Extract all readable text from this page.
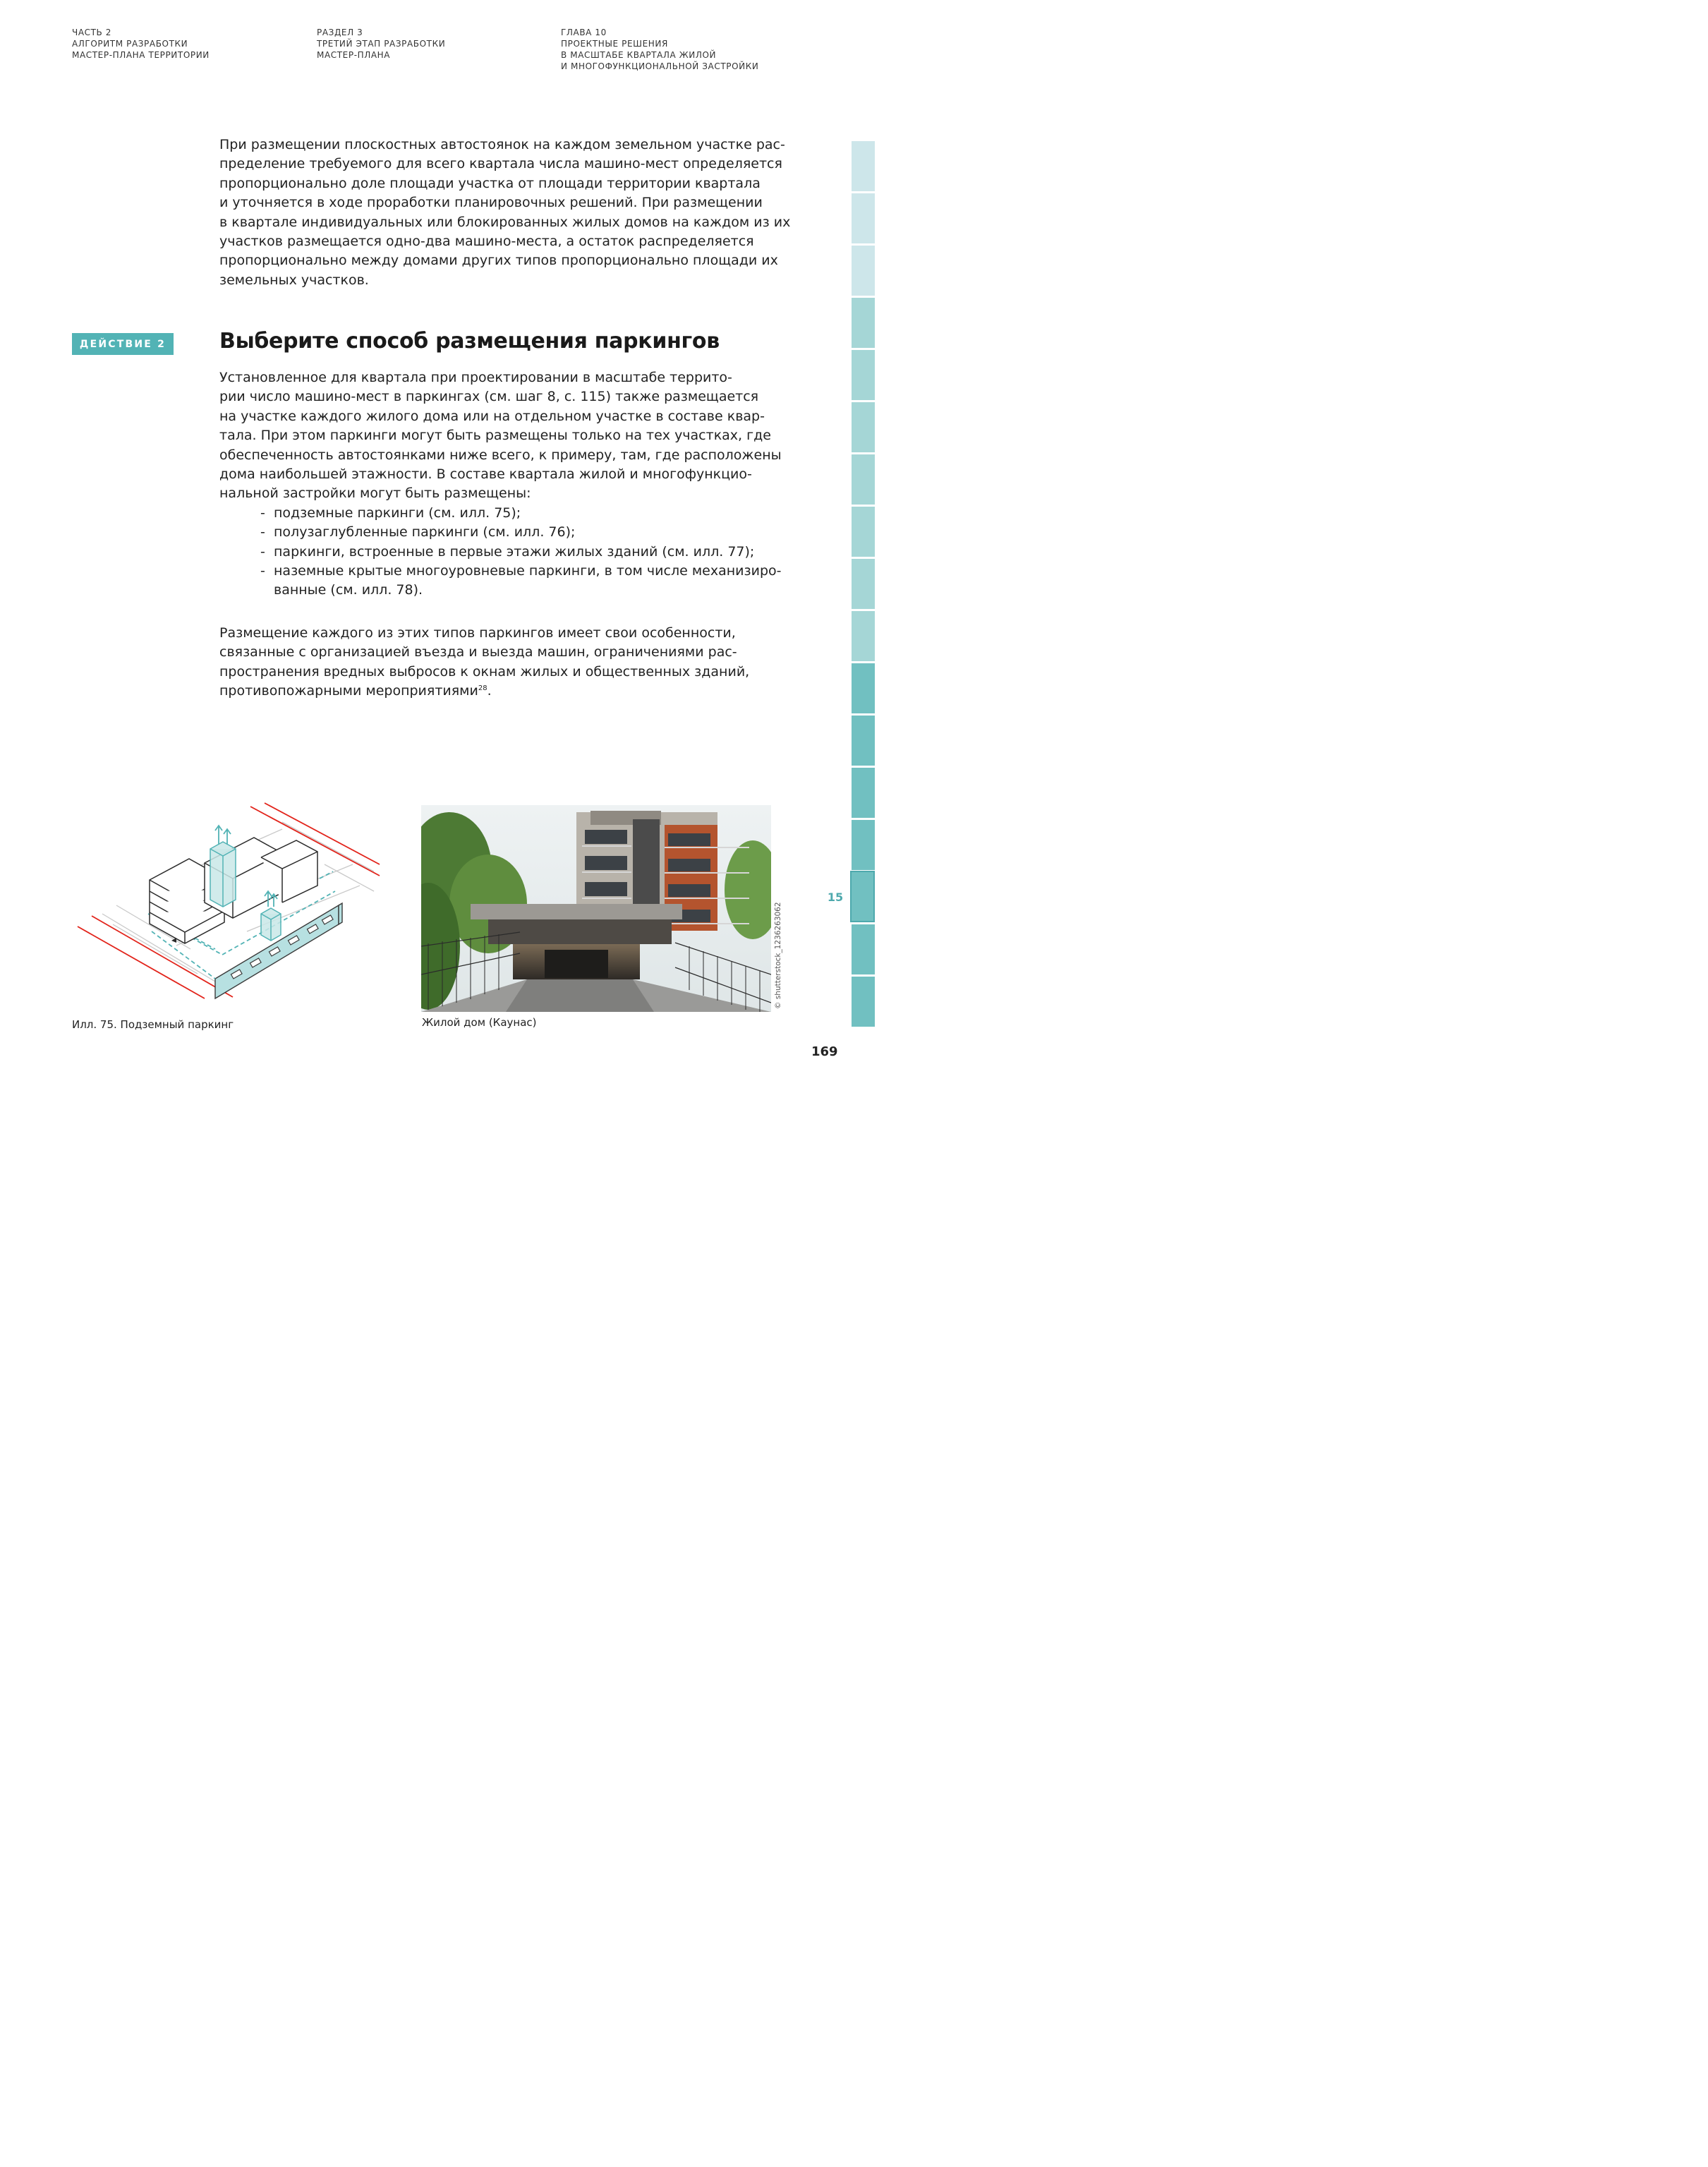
ЧАСТЬ 2
АЛГОРИТМ РАЗРАБОТКИ
МАСТЕР-ПЛАНА ТЕРРИТОРИИ
РАЗДЕЛ 3
ТРЕТИЙ ЭТАП РАЗРАБОТКИ
МАСТЕР-ПЛАНА
ГЛАВА 10
ПРОЕКТНЫЕ РЕШЕНИЯ
В МАСШТАБЕ КВАРТАЛА ЖИЛОЙ
И МНОГОФУНКЦИОНАЛЬНОЙ ЗАСТРОЙКИ
При размещении плоскостных автостоянок на каждом земельном участке рас-
пределение требуемого для всего квартала числа машино-мест определяется
пропорционально доле площади участка от площади территории квартала
и уточняется в ходе проработки планировочных решений. При размещении
в квартале индивидуальных или блокированных жилых домов на каждом из их
участков размещается одно-два машино-места, а остаток распределяется
пропорционально между домами других типов пропорционально площади их
земельных участков.
ДЕЙСТВИЕ 2	Выберите способ размещения паркингов
Установленное для квартала при проектировании в масштабе террито-
рии число машино-мест в паркингах (см. шаг 8, с. 115) также размещается
на участке каждого жилого дома или на отдельном участке в составе квар-
тала. При этом паркинги могут быть размещены только на тех участках, где
обеспеченность автостоянками ниже всего, к примеру, там, где расположены
дома наибольшей этажности. В составе квартала жилой и многофункцио-
нальной застройки могут быть размещены:
- подземные паркинги (см. илл. 75);
- полузаглубленные паркинги (см. илл. 76);
- паркинги, встроенные в первые этажи жилых зданий (см. илл. 77);
- наземные крытые многоуровневые паркинги, в том числе механизиро-
ванные (см. илл. 78).
Размещение каждого из этих типов паркингов имеет свои особенности,
связанные с организацией въезда и выезда машин, ограничениями рас-
пространения вредных выбросов к окнам жилых и общественных зданий,
противопожарными мероприятиями$^{28}$.
Илл. 75. Подземный паркинг
© shutterstock_1236263062
Жилой дом (Каунас)
15
169
